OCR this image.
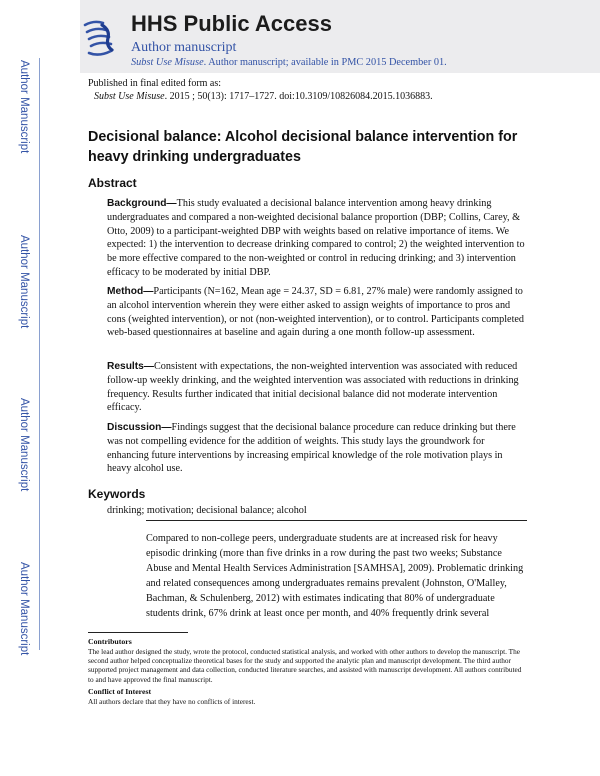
HHS Public Access
Author manuscript
Subst Use Misuse. Author manuscript; available in PMC 2015 December 01.
Author Manuscript
Author Manuscript
Author Manuscript
Author Manuscript
Published in final edited form as:
Subst Use Misuse. 2015 ; 50(13): 1717–1727. doi:10.3109/10826084.2015.1036883.
Decisional balance: Alcohol decisional balance intervention for heavy drinking undergraduates
Abstract

Background—This study evaluated a decisional balance intervention among heavy drinking undergraduates and compared a non-weighted decisional balance proportion (DBP; Collins, Carey, & Otto, 2009) to a participant-weighted DBP with weights based on relative importance of items. We expected: 1) the intervention to decrease drinking compared to control; 2) the weighted intervention to be more effective compared to the non-weighted or control in reducing drinking; and 3) intervention efficacy to be moderated by initial DBP.

Method—Participants (N=162, Mean age = 24.37, SD = 6.81, 27% male) were randomly assigned to an alcohol intervention wherein they were either asked to assign weights of importance to pros and cons (weighted intervention), or not (non-weighted intervention), or to control. Participants completed web-based questionnaires at baseline and again during a one month follow-up assessment.

Results—Consistent with expectations, the non-weighted intervention was associated with reduced follow-up weekly drinking, and the weighted intervention was associated with reductions in drinking frequency. Results further indicated that initial decisional balance did not moderate intervention efficacy.

Discussion—Findings suggest that the decisional balance procedure can reduce drinking but there was not compelling evidence for the addition of weights. This study lays the groundwork for enhancing future interventions by increasing empirical knowledge of the role motivation plays in heavy alcohol use.

Keywords

drinking; motivation; decisional balance; alcohol

Compared to non-college peers, undergraduate students are at increased risk for heavy episodic drinking (more than five drinks in a row during the past two weeks; Substance Abuse and Mental Health Services Administration [SAMHSA], 2009). Problematic drinking and related consequences among undergraduates remains prevalent (Johnston, O'Malley, Bachman, & Schulenberg, 2012) with estimates indicating that 80% of undergraduate students drink, 67% drink at least once per month, and 40% frequently drink several

Contributors

The lead author designed the study, wrote the protocol, conducted statistical analysis, and worked with other authors to develop the manuscript. The second author helped conceptualize theoretical bases for the study and supported the analytic plan and manuscript development. The third author supported project management and data collection, conducted literature searches, and assisted with manuscript development. All authors contributed to and have approved the final manuscript.

Conflict of Interest

All authors declare that they have no conflicts of interest.
